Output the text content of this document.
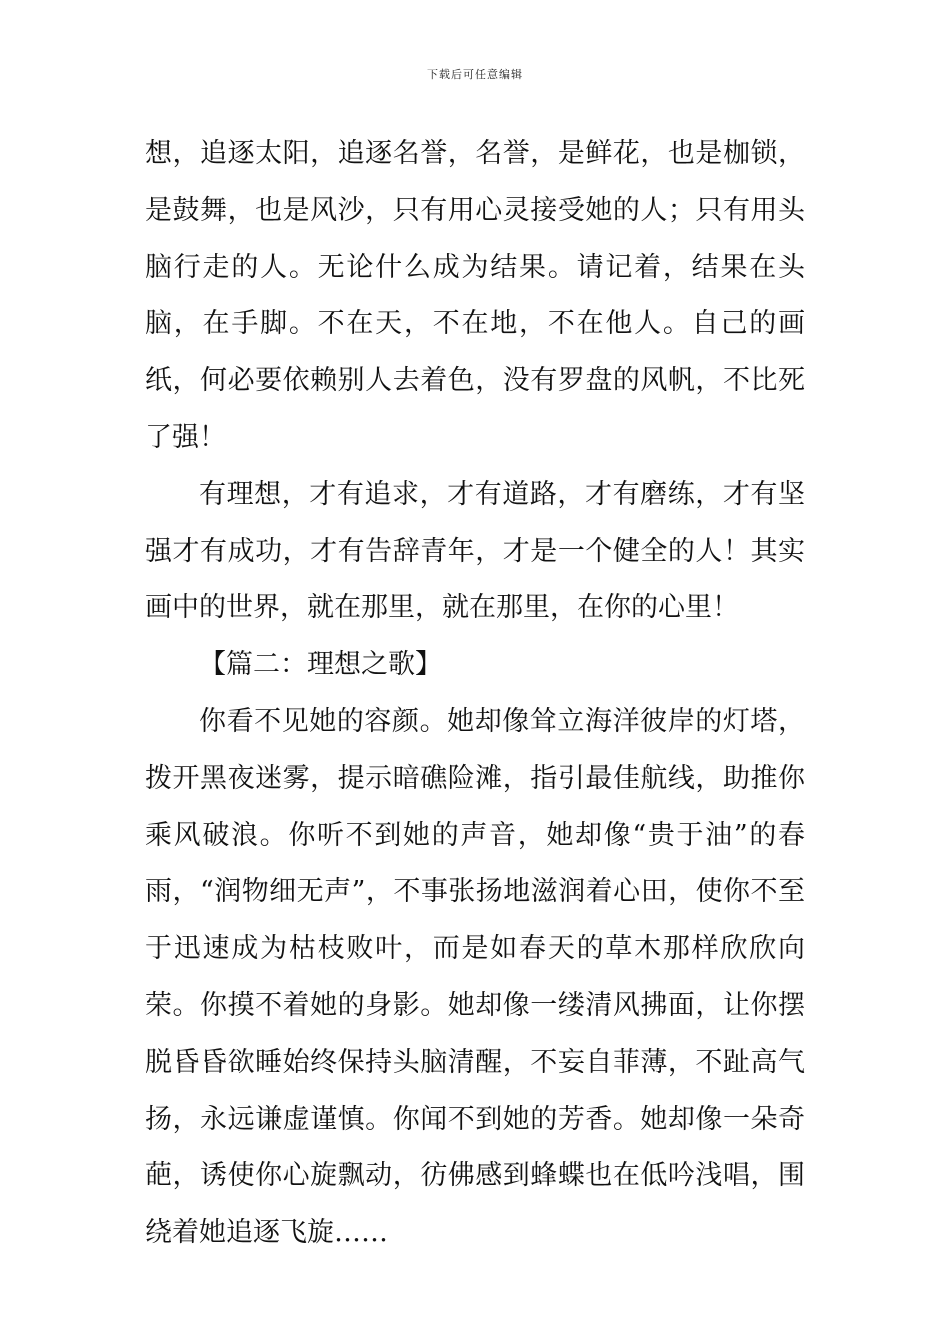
下载后可任意编辑

想，追逐太阳，追逐名誉，名誉，是鲜花，也是枷锁，是鼓舞，也是风沙，只有用心灵接受她的人；只有用头脑行走的人。无论什么成为结果。请记着，结果在头脑，在手脚。不在天，不在地，不在他人。自己的画纸，何必要依赖别人去着色，没有罗盘的风帆，不比死了强！

有理想，才有追求，才有道路，才有磨练，才有坚强才有成功，才有告辞青年，才是一个健全的人！其实画中的世界，就在那里，就在那里，在你的心里！

【篇二：理想之歌】

你看不见她的容颜。她却像耸立海洋彼岸的灯塔，拨开黑夜迷雾，提示暗礁险滩，指引最佳航线，助推你乘风破浪。你听不到她的声音，她却像“贵于油”的春雨，“润物细无声”，不事张扬地滋润着心田，使你不至于迅速成为枯枝败叶，而是如春天的草木那样欣欣向荣。你摸不着她的身影。她却像一缕清风拂面，让你摆脱昏昏欲睡始终保持头脑清醒，不妄自菲薄，不趾高气扬，永远谦虚谨慎。你闻不到她的芳香。她却像一朵奇葩，诱使你心旋飘动，彷佛感到蜂蝶也在低吟浅唱，围绕着她追逐飞旋……
